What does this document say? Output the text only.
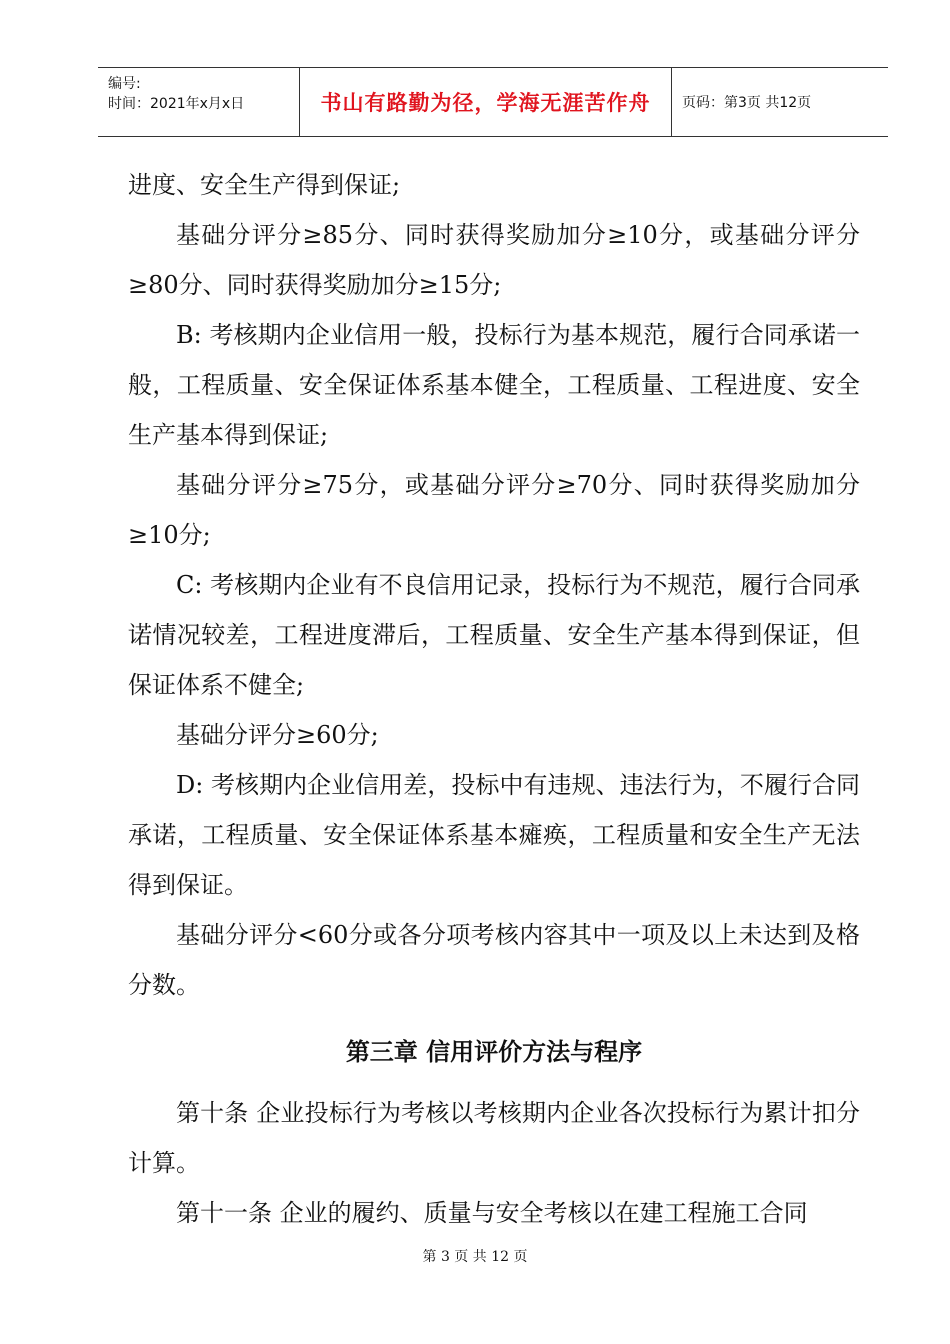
编号:
时间：2021年x月x日	书山有路勤为径，学海无涯苦作舟	页码：第3页 共12页

进度、安全生产得到保证;

基础分评分≥85分、同时获得奖励加分≥10分，或基础分评分≥80分、同时获得奖励加分≥15分;

B: 考核期内企业信用一般，投标行为基本规范，履行合同承诺一般，工程质量、安全保证体系基本健全，工程质量、工程进度、安全生产基本得到保证;

基础分评分≥75分，或基础分评分≥70分、同时获得奖励加分≥10分;

C: 考核期内企业有不良信用记录，投标行为不规范，履行合同承诺情况较差，工程进度滞后，工程质量、安全生产基本得到保证，但保证体系不健全;

基础分评分≥60分;

D: 考核期内企业信用差，投标中有违规、违法行为，不履行合同承诺，工程质量、安全保证体系基本瘫痪，工程质量和安全生产无法得到保证。

基础分评分<60分或各分项考核内容其中一项及以上未达到及格分数。

第三章 信用评价方法与程序

第十条 企业投标行为考核以考核期内企业各次投标行为累计扣分计算。

第十一条 企业的履约、质量与安全考核以在建工程施工合同

第 3 页 共 12 页
